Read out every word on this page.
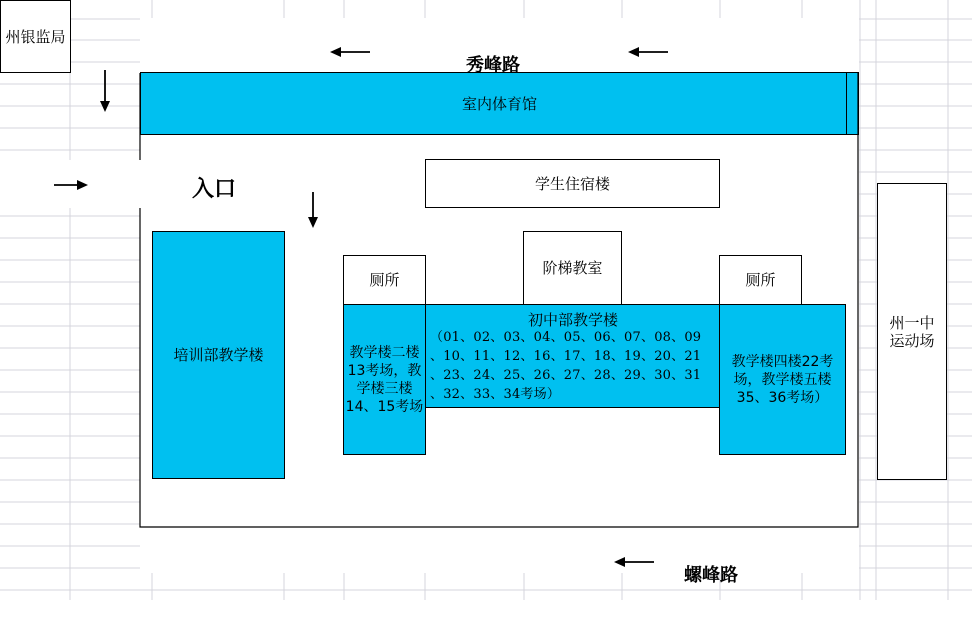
州银监局
秀峰路
螺峰路
室内体育馆
入口	学生住宿楼
阶梯教室
厕所	厕所
培训部教学楼	教学楼二楼13考场，教学楼三楼14、15考场
初中部教学楼
（01、02、03、04、05、06、07、08、09
、10、11、12、16、17、18、19、20、21
、23、24、25、26、27、28、29、30、31
、32、33、34考场）
教学楼四楼22考场，教学楼五楼35、36考场）
州一中运动场
